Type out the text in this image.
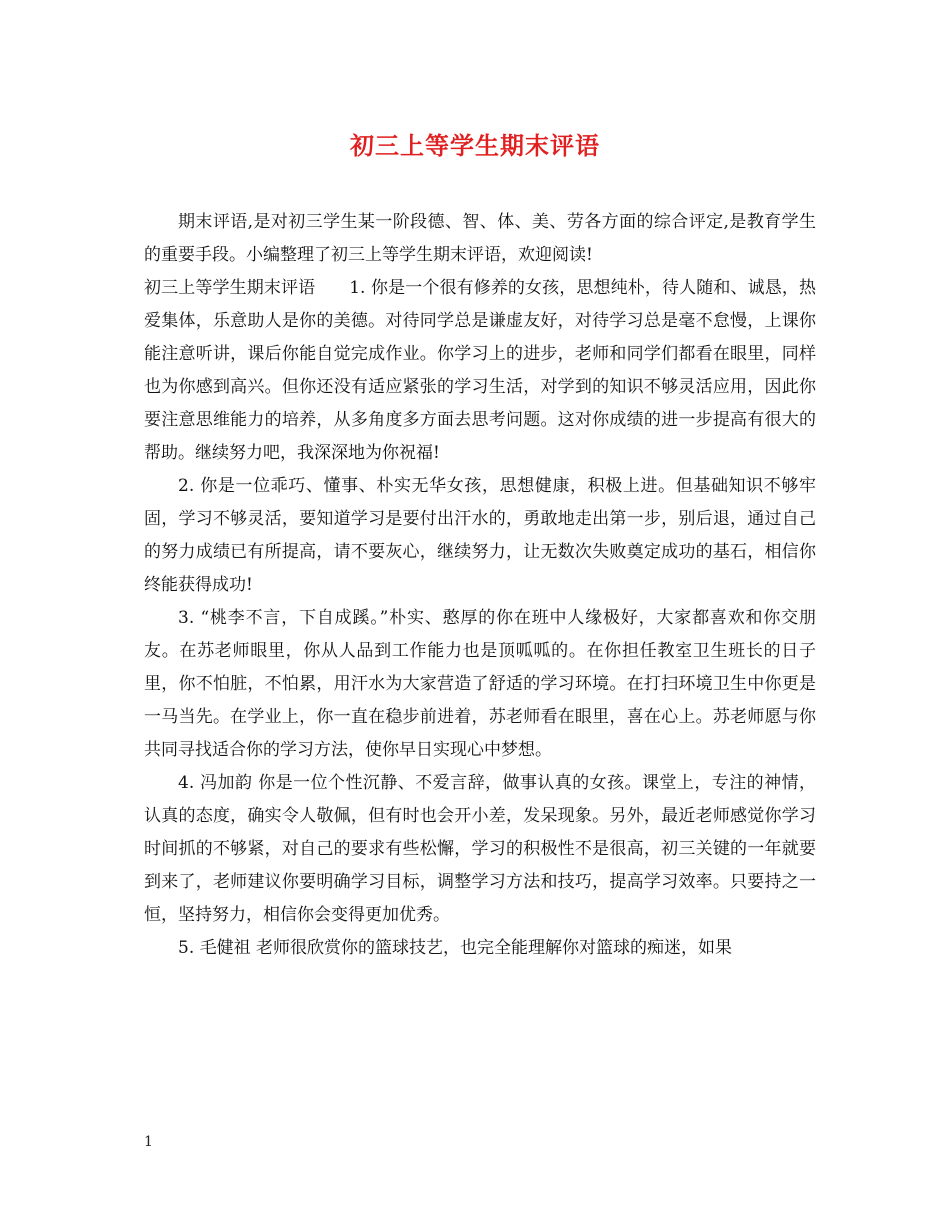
初三上等学生期末评语

期末评语,是对初三学生某一阶段德、智、体、美、劳各方面的综合评定,是教育学生的重要手段。小编整理了初三上等学生期末评语，欢迎阅读!

初三上等学生期末评语 1. 你是一个很有修养的女孩，思想纯朴，待人随和、诚恳，热爱集体，乐意助人是你的美德。对待同学总是谦虚友好，对待学习总是毫不怠慢，上课你能注意听讲，课后你能自觉完成作业。你学习上的进步，老师和同学们都看在眼里，同样也为你感到高兴。但你还没有适应紧张的学习生活，对学到的知识不够灵活应用，因此你要注意思维能力的培养，从多角度多方面去思考问题。这对你成绩的进一步提高有很大的帮助。继续努力吧，我深深地为你祝福!

2. 你是一位乖巧、懂事、朴实无华女孩，思想健康，积极上进。但基础知识不够牢固，学习不够灵活，要知道学习是要付出汗水的，勇敢地走出第一步，别后退，通过自己的努力成绩已有所提高，请不要灰心，继续努力，让无数次失败奠定成功的基石，相信你终能获得成功!

3. “桃李不言，下自成蹊。”朴实、憨厚的你在班中人缘极好，大家都喜欢和你交朋友。在苏老师眼里，你从人品到工作能力也是顶呱呱的。在你担任教室卫生班长的日子里，你不怕脏，不怕累，用汗水为大家营造了舒适的学习环境。在打扫环境卫生中你更是一马当先。在学业上，你一直在稳步前进着，苏老师看在眼里，喜在心上。苏老师愿与你共同寻找适合你的学习方法，使你早日实现心中梦想。

4. 冯加韵 你是一位个性沉静、不爱言辞，做事认真的女孩。课堂上，专注的神情，认真的态度，确实令人敬佩，但有时也会开小差，发呆现象。另外，最近老师感觉你学习时间抓的不够紧，对自己的要求有些松懈，学习的积极性不是很高，初三关键的一年就要到来了，老师建议你要明确学习目标，调整学习方法和技巧，提高学习效率。只要持之一恒，坚持努力，相信你会变得更加优秀。

5. 毛健祖 老师很欣赏你的篮球技艺，也完全能理解你对篮球的痴迷，如果

1
